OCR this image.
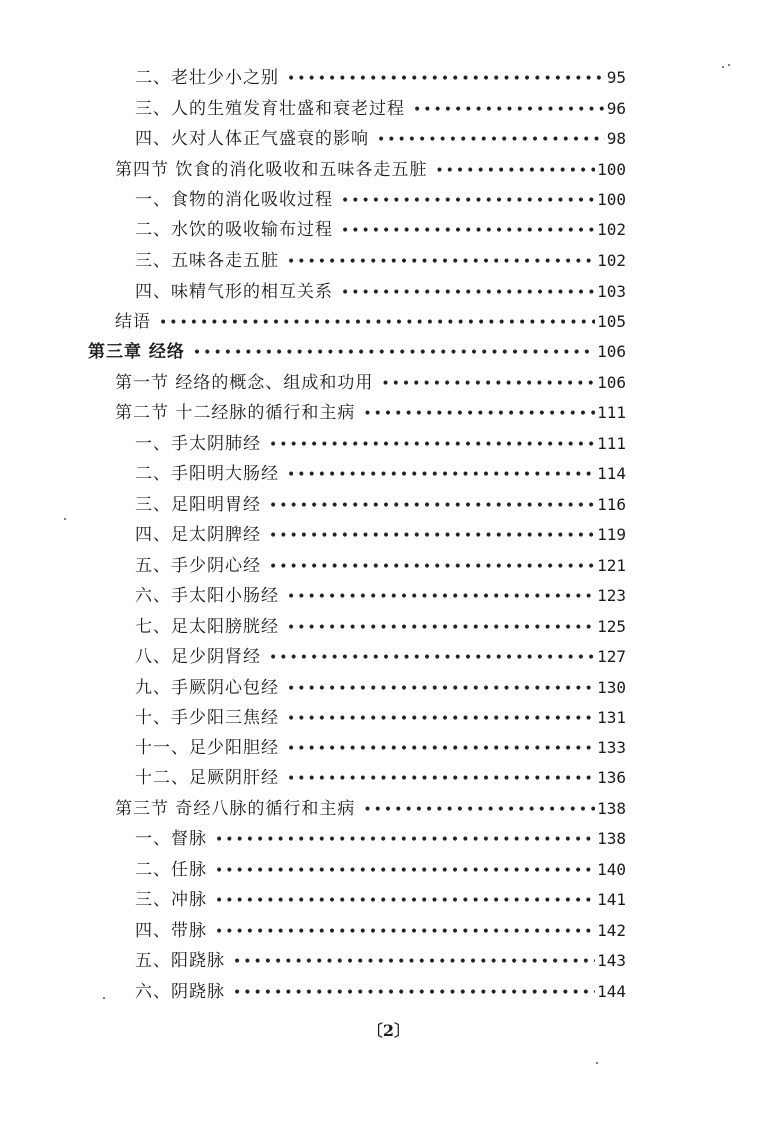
二、老壮少小之别 •••••	95
三、人的生殖发育壮盛和衰老过程 •••••	96
四、火对人体正气盛衰的影响 •••••	98
第四节 饮食的消化吸收和五味各走五脏 •••••	100
一、食物的消化吸收过程 •••••	100
二、水饮的吸收输布过程 •••••	102
三、五味各走五脏 •••••	102
四、味精气形的相互关系 •••••	103
结语 •••••	105
第三章 经络 •••••	106
第一节 经络的概念、组成和功用 •••••	106
第二节 十二经脉的循行和主病 •••••	111
一、手太阴肺经 •••••	111
二、手阳明大肠经 •••••	114
三、足阳明胃经 •••••	116
四、足太阴脾经 •••••	119
五、手少阴心经 •••••	121
六、手太阳小肠经 •••••	123
七、足太阳膀胱经 •••••	125
八、足少阴肾经 •••••	127
九、手厥阴心包经 •••••	130
十、手少阳三焦经 •••••	131
十一、足少阳胆经 •••••	133
十二、足厥阴肝经 •••••	136
第三节 奇经八脉的循行和主病 •••••	138
一、督脉 •••••	138
二、任脉 •••••	140
三、冲脉 •••••	141
四、带脉 •••••	142
五、阳跷脉 •••••	143
六、阴跷脉 •••••	144
〔2〕
